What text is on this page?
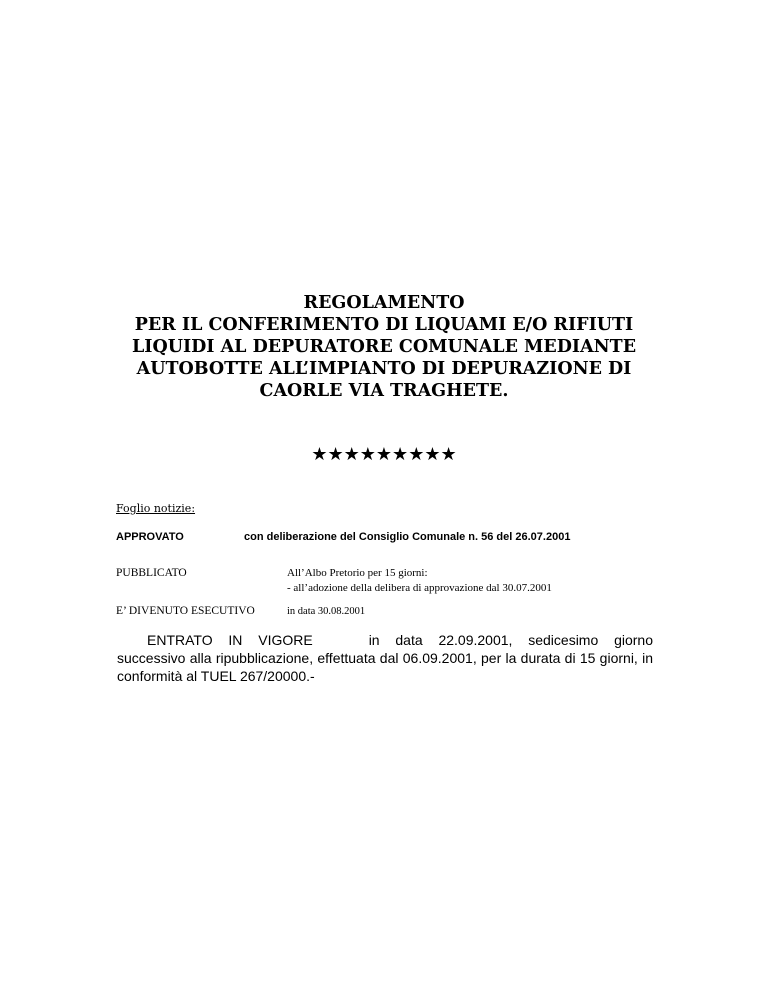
REGOLAMENTO
PER IL CONFERIMENTO DI LIQUAMI E/O RIFIUTI
LIQUIDI AL DEPURATORE COMUNALE MEDIANTE
AUTOBOTTE ALL’IMPIANTO DI DEPURAZIONE DI
CAORLE VIA TRAGHETE.
★★★★★★★★★
Foglio notizie:
APPROVATO	con deliberazione del Consiglio Comunale n. 56 del 26.07.2001
PUBBLICATO	All’Albo Pretorio per 15 giorni:
- all’adozione della delibera di approvazione dal 30.07.2001
E’ DIVENUTO ESECUTIVO	in data 30.08.2001
ENTRATO IN VIGORE	in data 22.09.2001, sedicesimo giorno successivo alla ripubblicazione, effettuata dal 06.09.2001, per la durata di 15 giorni, in conformità al TUEL 267/20000.-
